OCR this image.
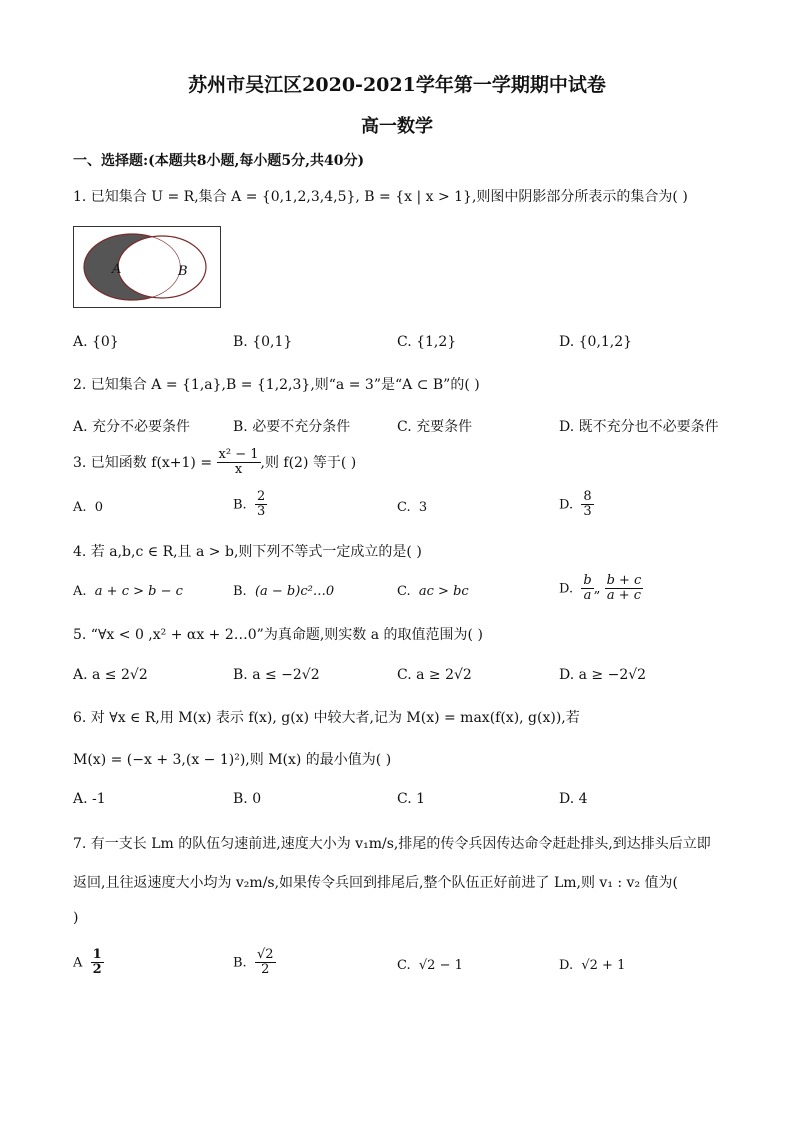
苏州市吴江区2020-2021学年第一学期期中试卷
高一数学
一、选择题:(本题共8小题,每小题5分,共40分)
1. 已知集合 U = R,集合 A = {0,1,2,3,4,5}, B = {x | x > 1},则图中阴影部分所表示的集合为( )
A	B
A. {0}	B. {0,1}	C. {1,2}	D. {0,1,2}
2. 已知集合 A = {1,a},B = {1,2,3},则“a = 3”是“A ⊂ B”的( )
A. 充分不必要条件	B. 必要不充分条件	C. 充要条件	D. 既不充分也不必要条件
3. 已知函数 $f(x+1) = \frac{\text{x² − 1}}{x}$ ,则 f(2) 等于( )
A. 0	B. $\frac{2}{3}$	C. 3	D. $\frac{8}{3}$
4. 若 a,b,c ∈ R,且 a > b,则下列不等式一定成立的是( )
A. a + c > b − c	B. (a − b)c²…0	C. ac > bc	D. $\frac{b}{a}$ „ $\frac{b + c}{a + c}$
5. “∀x < 0 ,x² + αx + 2…0”为真命题,则实数 a 的取值范围为( )
A. a ≤ 2√2	B. a ≤ −2√2	C. a ≥ 2√2	D. a ≥ −2√2
6. 对 ∀x ∈ R,用 M(x) 表示 f(x), g(x) 中较大者,记为 M(x) = max(f(x), g(x)),若
M(x) = (−x + 3,(x − 1)²),则 M(x) 的最小值为( )
A. -1	B. 0	C. 1	D. 4
7. 有一支长 Lm 的队伍匀速前进,速度大小为 v₁m/s,排尾的传令兵因传达命令赶赴排头,到达排头后立即
返回,且往返速度大小均为 v₂m/s,如果传令兵回到排尾后,整个队伍正好前进了 Lm,则 v₁ : v₂ 值为(
)
A $\frac{1}{2}$	B. $\frac{√2}{2}$	C. √2 − 1	D. √2 + 1
